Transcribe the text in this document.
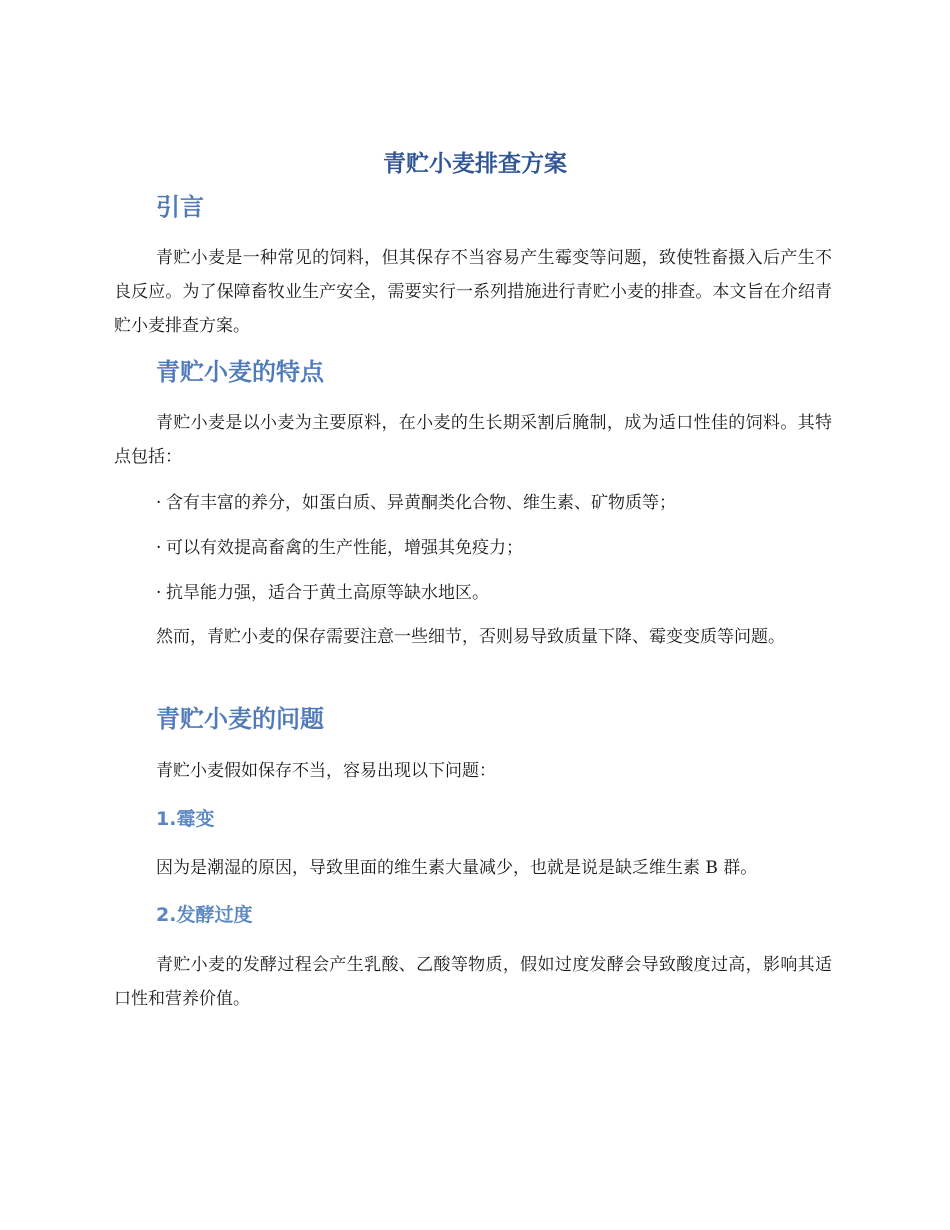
青贮小麦排查方案
引言

青贮小麦是一种常见的饲料，但其保存不当容易产生霉变等问题，致使牲畜摄入后产生不良反应。为了保障畜牧业生产安全，需要实行一系列措施进行青贮小麦的排查。本文旨在介绍青贮小麦排查方案。

青贮小麦的特点

青贮小麦是以小麦为主要原料，在小麦的生长期采割后腌制，成为适口性佳的饲料。其特点包括：

· 含有丰富的养分，如蛋白质、异黄酮类化合物、维生素、矿物质等；

· 可以有效提高畜禽的生产性能，增强其免疫力；

· 抗旱能力强，适合于黄土高原等缺水地区。

然而，青贮小麦的保存需要注意一些细节，否则易导致质量下降、霉变变质等问题。

青贮小麦的问题

青贮小麦假如保存不当，容易出现以下问题：

1.霉变

因为是潮湿的原因，导致里面的维生素大量减少，也就是说是缺乏维生素 B 群。

2.发酵过度

青贮小麦的发酵过程会产生乳酸、乙酸等物质，假如过度发酵会导致酸度过高，影响其适口性和营养价值。
